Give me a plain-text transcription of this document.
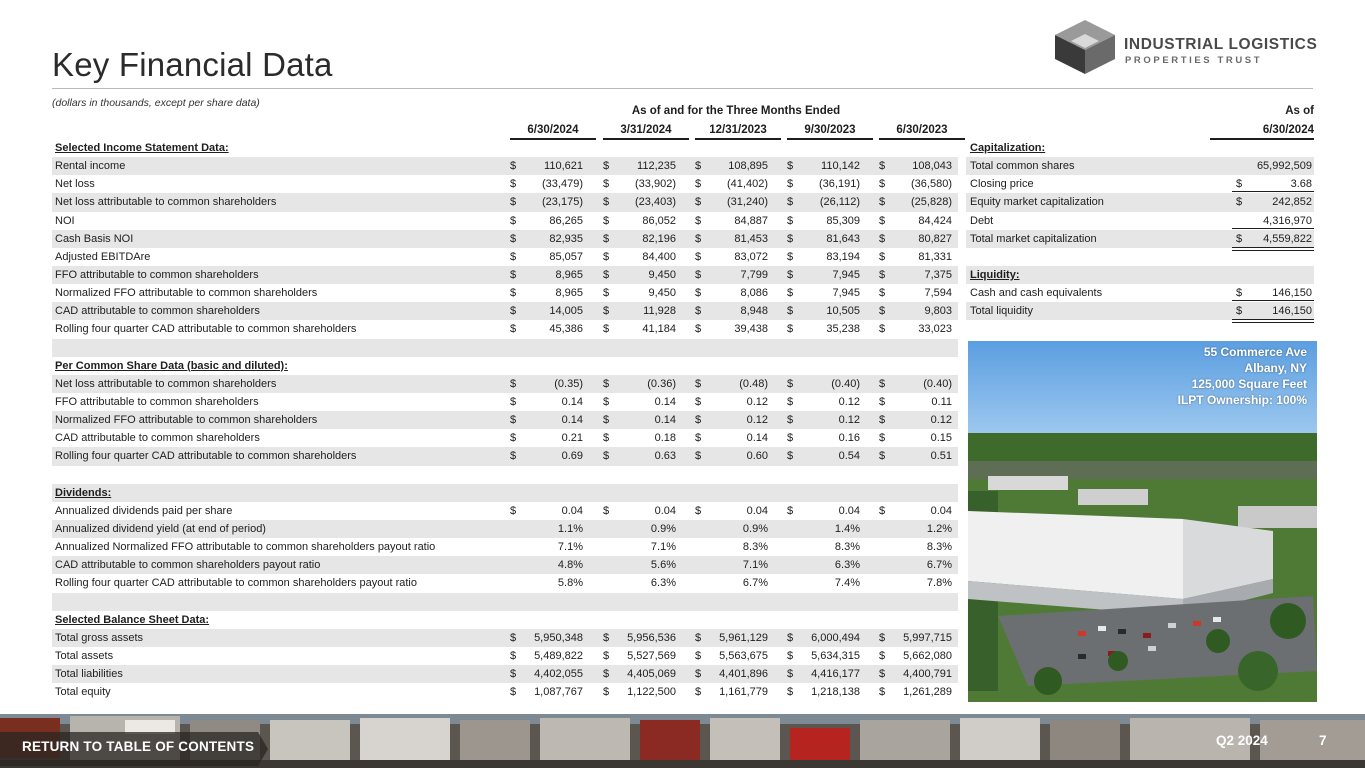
Key Financial Data
(dollars in thousands, except per share data)
INDUSTRIAL LOGISTICS
PROPERTIES TRUST
As of and for the Three Months Ended
6/30/2024	3/31/2024	12/31/2023	9/30/2023	6/30/2023
Selected Income Statement Data:
Rental income	$	110,621 $	112,235 $	108,895 $	110,142 $	108,043
Net loss	$	(33,479) $	(33,902) $	(41,402) $	(36,191) $	(36,580)
Net loss attributable to common shareholders	$	(23,175) $	(23,403) $	(31,240) $	(26,112) $	(25,828)
NOI	$	86,265 $	86,052 $	84,887 $	85,309 $	84,424
Cash Basis NOI	$	82,935 $	82,196 $	81,453 $	81,643 $	80,827
Adjusted EBITDAre	$	85,057 $	84,400 $	83,072 $	83,194 $	81,331
FFO attributable to common shareholders	$	8,965 $	9,450 $	7,799 $	7,945 $	7,375
Normalized FFO attributable to common shareholders	$	8,965 $	9,450 $	8,086 $	7,945 $	7,594
CAD attributable to common shareholders	$	14,005 $	11,928 $	8,948 $	10,505 $	9,803
Rolling four quarter CAD attributable to common shareholders	$	45,386 $	41,184 $	39,438 $	35,238 $	33,023
Per Common Share Data (basic and diluted):
Net loss attributable to common shareholders	$	(0.35) $	(0.36) $	(0.48) $	(0.40) $	(0.40)
FFO attributable to common shareholders	$	0.14 $	0.14 $	0.12 $	0.12 $	0.11
Normalized FFO attributable to common shareholders	$	0.14 $	0.14 $	0.12 $	0.12 $	0.12
CAD attributable to common shareholders	$	0.21 $	0.18 $	0.14 $	0.16 $	0.15
Rolling four quarter CAD attributable to common shareholders	$	0.69 $	0.63 $	0.60 $	0.54 $	0.51
Dividends:
Annualized dividends paid per share	$	0.04 $	0.04 $	0.04 $	0.04 $	0.04
Annualized dividend yield (at end of period)	1.1%	0.9%	0.9%	1.4%	1.2%
Annualized Normalized FFO attributable to common shareholders payout ratio	7.1%	7.1%	8.3%	8.3%	8.3%
CAD attributable to common shareholders payout ratio	4.8%	5.6%	7.1%	6.3%	6.7%
Rolling four quarter CAD attributable to common shareholders payout ratio	5.8%	6.3%	6.7%	7.4%	7.8%
Selected Balance Sheet Data:
Total gross assets	$	5,950,348 $	5,956,536 $	5,961,129 $	6,000,494 $	5,997,715
Total assets	$	5,489,822 $	5,527,569 $	5,563,675 $	5,634,315 $	5,662,080
Total liabilities	$	4,402,055 $	4,405,069 $	4,401,896 $	4,416,177 $	4,400,791
Total equity	$	1,087,767 $	1,122,500 $	1,161,779 $	1,218,138 $	1,261,289
As of
6/30/2024
Capitalization:
Total common shares	65,992,509
Closing price	$	3.68
Equity market capitalization	$	242,852
Debt	4,316,970
Total market capitalization	$ 4,559,822
Liquidity:
Cash and cash equivalents	$	146,150
Total liquidity	$	146,150
55 Commerce Ave
Albany, NY
125,000 Square Feet
ILPT Ownership: 100%
RETURN TO TABLE OF CONTENTS	Q2 2024	7
